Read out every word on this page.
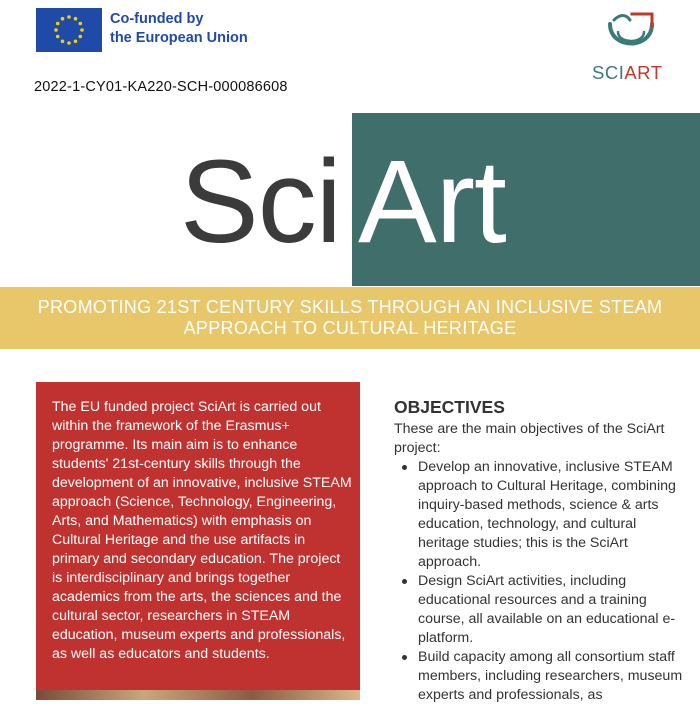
Co-funded by
the European Union
2022-1-CY01-KA220-SCH-000086608
SCIART
Sci Art
PROMOTING 21ST CENTURY SKILLS THROUGH AN INCLUSIVE STEAM APPROACH TO CULTURAL HERITAGE
The EU funded project SciArt is carried out within the framework of the Erasmus+ programme. Its main aim is to enhance students' 21st-century skills through the development of an innovative, inclusive STEAM approach (Science, Technology, Engineering, Arts, and Mathematics) with emphasis on Cultural Heritage and the use artifacts in primary and secondary education. The project is interdisciplinary and brings together academics from the arts, the sciences and the cultural sector, researchers in STEAM education, museum experts and professionals, as well as educators and students.
OBJECTIVES
These are the main objectives of the SciArt project:
Develop an innovative, inclusive STEAM approach to Cultural Heritage, combining inquiry-based methods, science & arts education, technology, and cultural heritage studies; this is the SciArt approach.
Design SciArt activities, including educational resources and a training course, all available on an educational e-platform.
Build capacity among all consortium staff members, including researchers, museum experts and professionals, as
